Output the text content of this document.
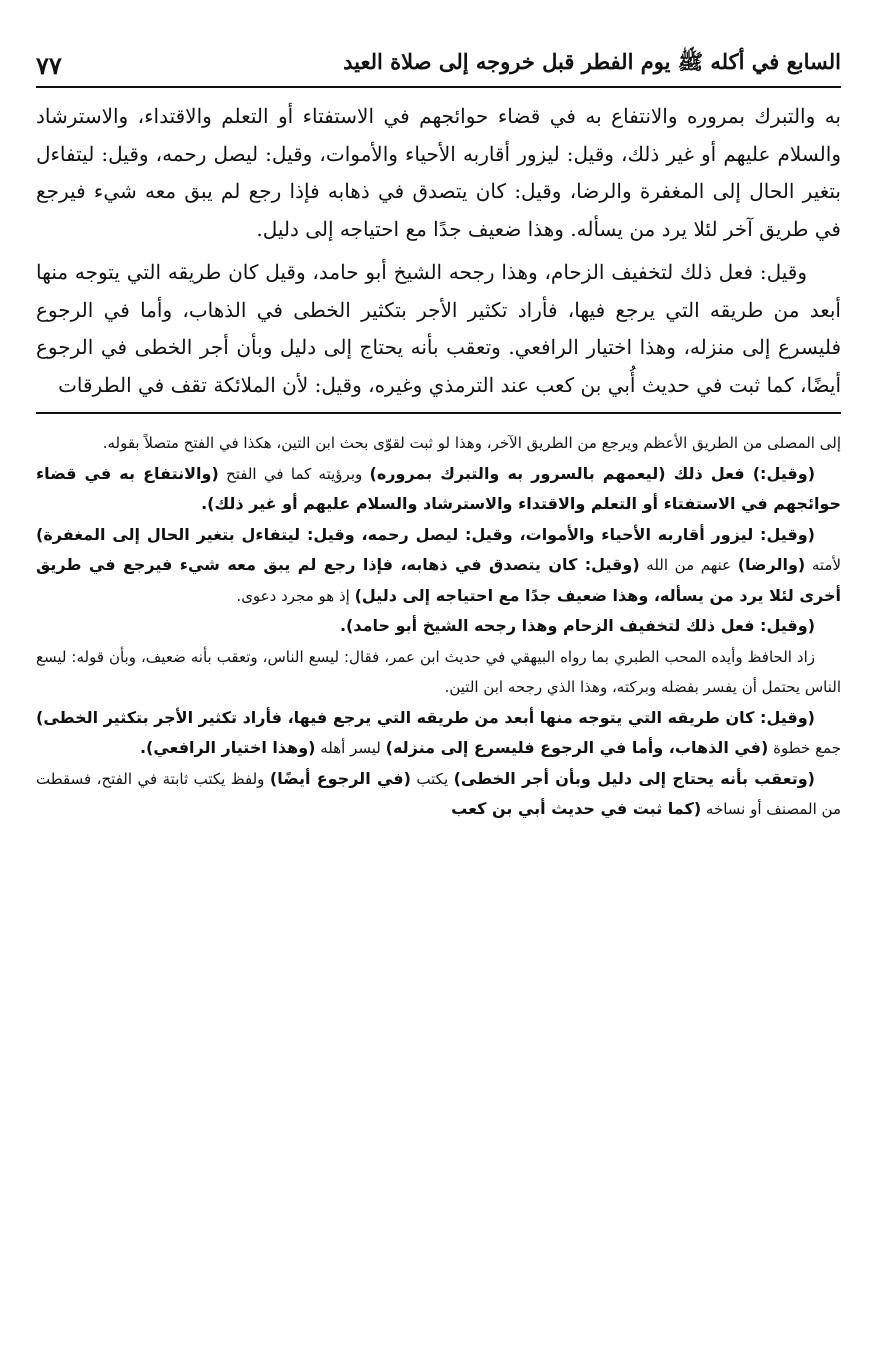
السابع في أكله ﷺ يوم الفطر قبل خروجه إلى صلاة العيد
٧٧

به والتبرك بمروره والانتفاع به في قضاء حوائجهم في الاستفتاء أو التعلم والاقتداء، والاسترشاد والسلام عليهم أو غير ذلك، وقيل: ليزور أقاربه الأحياء والأموات، وقيل: ليصل رحمه، وقيل: ليتفاءل بتغير الحال إلى المغفرة والرضا، وقيل: كان يتصدق في ذهابه فإذا رجع لم يبق معه شيء فيرجع في طريق آخر لئلا يرد من يسأله. وهذا ضعيف جدًا مع احتياجه إلى دليل.

وقيل: فعل ذلك لتخفيف الزحام، وهذا رجحه الشيخ أبو حامد، وقيل كان طريقه التي يتوجه منها أبعد من طريقه التي يرجع فيها، فأراد تكثير الأجر بتكثير الخطى في الذهاب، وأما في الرجوع فليسرع إلى منزله، وهذا اختيار الرافعي. وتعقب بأنه يحتاج إلى دليل وبأن أجر الخطى في الرجوع أيضًا، كما ثبت في حديث أُبي بن كعب عند الترمذي وغيره، وقيل: لأن الملائكة تقف في الطرقات

إلى المصلى من الطريق الأعظم ويرجع من الطريق الآخر، وهذا لو ثبت لقوّى بحث ابن التين، هكذا في الفتح متصلاً بقوله.

(وقيل:) فعل ذلك (ليعمهم بالسرور به والتبرك بمروره) وبرؤيته كما في الفتح (والانتفاع به في قضاء حوائجهم في الاستفتاء أو التعلم والاقتداء والاسترشاد والسلام عليهم أو غير ذلك).

(وقيل: ليزور أقاربه الأحياء والأموات، وقيل: ليصل رحمه، وقيل: ليتفاءل بتغير الحال إلى المغفرة) لأمته (والرضا) عنهم من الله (وقيل: كان يتصدق في ذهابه، فإذا رجع لم يبق معه شيء فيرجع في طريق أخرى لئلا يرد من يسأله، وهذا ضعيف جدًا مع احتياجه إلى دليل) إذ هو مجرد دعوى.

(وقيل: فعل ذلك لتخفيف الزحام وهذا رجحه الشيخ أبو حامد).

زاد الحافظ وأيده المحب الطبري بما رواه البيهقي في حديث ابن عمر، فقال: ليسع الناس، وتعقب بأنه ضعيف، وبأن قوله: ليسع الناس يحتمل أن يفسر بفضله وبركته، وهذا الذي رجحه ابن التين.

(وقيل: كان طريقه التي يتوجه منها أبعد من طريقه التي يرجع فيها، فأراد تكثير الأجر بتكثير الخطى) جمع خطوة (في الذهاب، وأما في الرجوع فليسرع إلى منزله) ليسر أهله (وهذا اختيار الرافعي).

(وتعقب بأنه يحتاج إلى دليل وبأن أجر الخطى) يكتب (في الرجوع أيضًا) ولفظ يكتب ثابتة في الفتح، فسقطت من المصنف أو نساخه (كما ثبت في حديث أبي بن كعب
